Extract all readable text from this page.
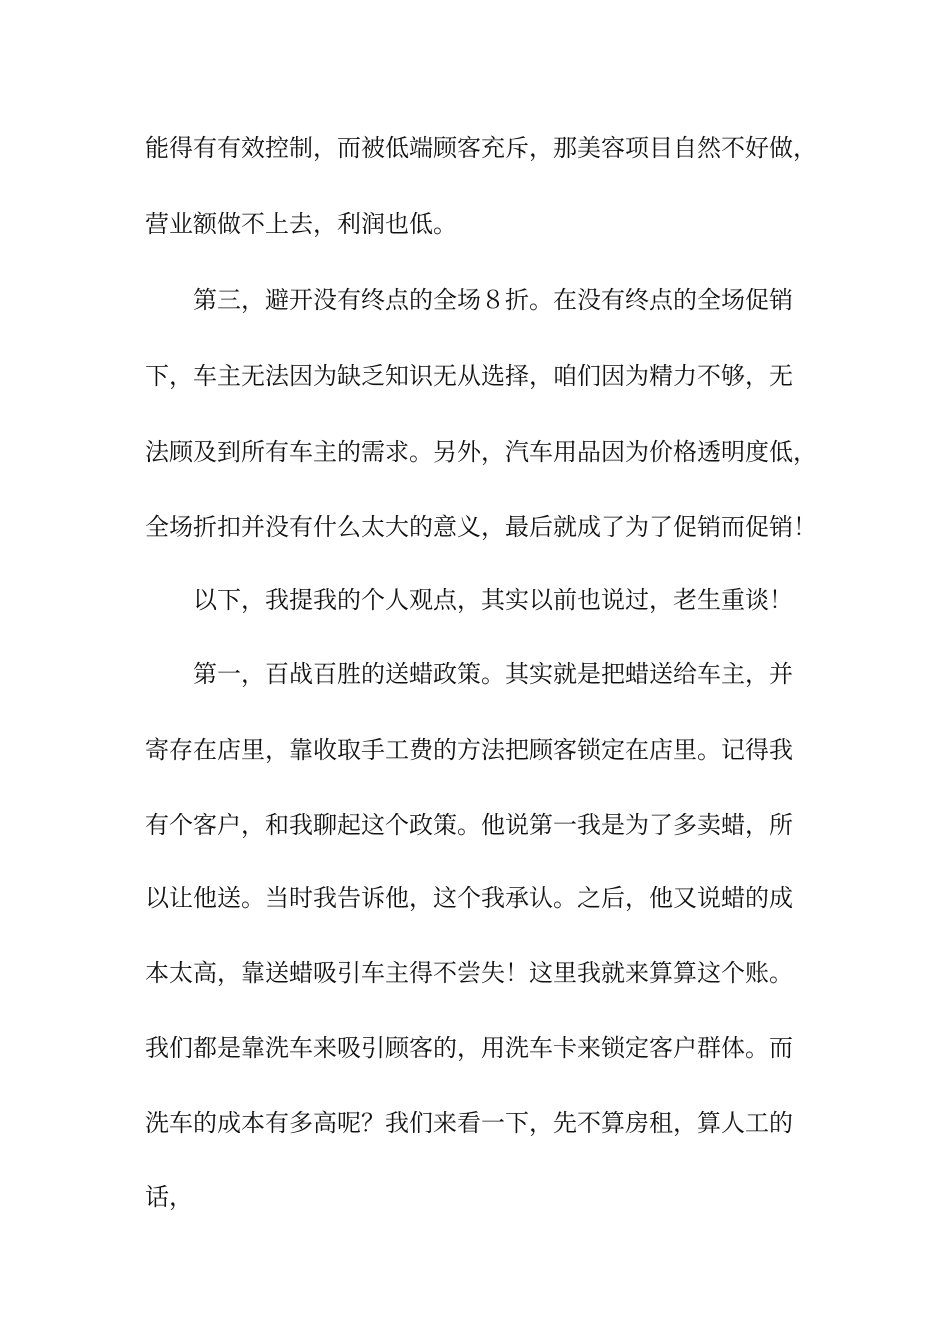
能得有有效控制，而被低端顾客充斥，那美容项目自然不好做，
营业额做不上去，利润也低。
第三，避开没有终点的全场８折。在没有终点的全场促销
下，车主无法因为缺乏知识无从选择，咱们因为精力不够，无
法顾及到所有车主的需求。另外，汽车用品因为价格透明度低，
全场折扣并没有什么太大的意义，最后就成了为了促销而促销！
以下，我提我的个人观点，其实以前也说过，老生重谈！
第一，百战百胜的送蜡政策。其实就是把蜡送给车主，并
寄存在店里，靠收取手工费的方法把顾客锁定在店里。记得我
有个客户，和我聊起这个政策。他说第一我是为了多卖蜡，所
以让他送。当时我告诉他，这个我承认。之后，他又说蜡的成
本太高，靠送蜡吸引车主得不尝失！这里我就来算算这个账。
我们都是靠洗车来吸引顾客的，用洗车卡来锁定客户群体。而
洗车的成本有多高呢？我们来看一下，先不算房租，算人工的
话，
